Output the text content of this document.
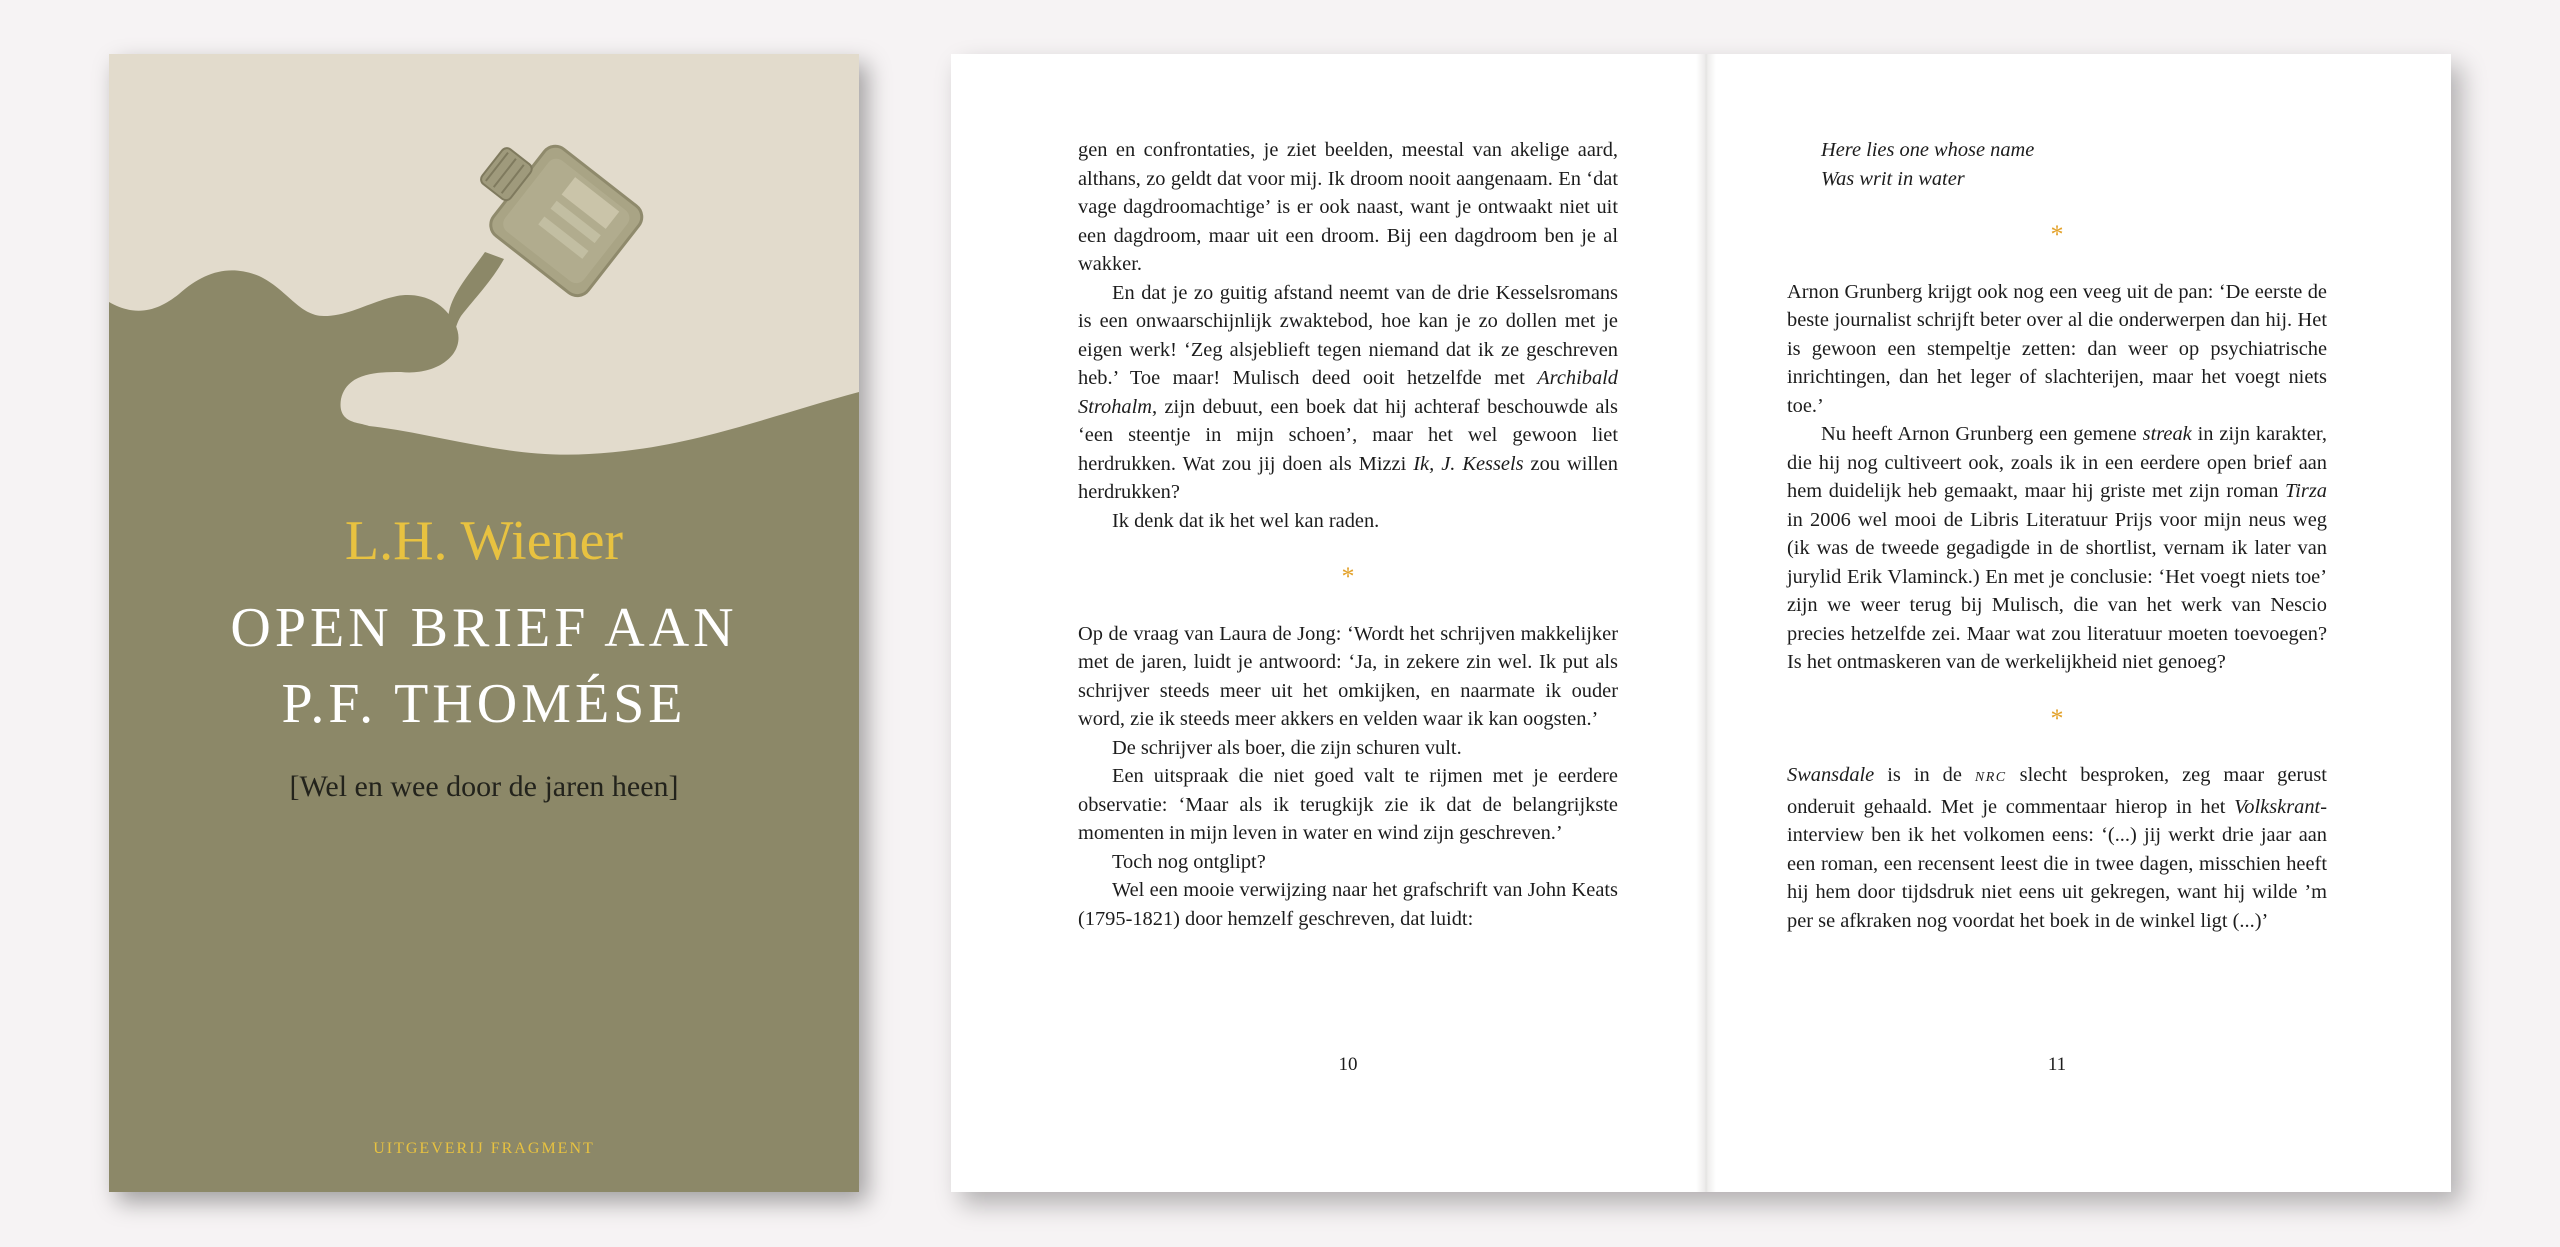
L.H. Wiener
OPEN BRIEF AAN
P.F. THOMÉSE
[Wel en wee door de jaren heen]
UITGEVERIJ FRAGMENT

gen en confrontaties, je ziet beelden, meestal van akelige aard, althans, zo geldt dat voor mij. Ik droom nooit aangenaam. En ‘dat vage dagdroomachtige’ is er ook naast, want je ontwaakt niet uit een dagdroom, maar uit een droom. Bij een dagdroom ben je al wakker.

En dat je zo guitig afstand neemt van de drie Kesselsromans is een onwaarschijnlijk zwaktebod, hoe kan je zo dollen met je eigen werk! ‘Zeg alsjeblieft tegen niemand dat ik ze geschreven heb.’ Toe maar! Mulisch deed ooit hetzelfde met Archibald Strohalm, zijn debuut, een boek dat hij achteraf beschouwde als ‘een steentje in mijn schoen’, maar het wel gewoon liet herdrukken. Wat zou jij doen als Mizzi Ik, J. Kessels zou willen herdrukken?

Ik denk dat ik het wel kan raden.

*

Op de vraag van Laura de Jong: ‘Wordt het schrijven makkelijker met de jaren, luidt je antwoord: ‘Ja, in zekere zin wel. Ik put als schrijver steeds meer uit het omkijken, en naarmate ik ouder word, zie ik steeds meer akkers en velden waar ik kan oogsten.’

De schrijver als boer, die zijn schuren vult.

Een uitspraak die niet goed valt te rijmen met je eerdere observatie: ‘Maar als ik terugkijk zie ik dat de belangrijkste momenten in mijn leven in water en wind zijn geschreven.’

Toch nog ontglipt?

Wel een mooie verwijzing naar het grafschrift van John Keats (1795-1821) door hemzelf geschreven, dat luidt:

Here lies one whose name
Was writ in water

*

Arnon Grunberg krijgt ook nog een veeg uit de pan: ‘De eerste de beste journalist schrijft beter over al die onderwerpen dan hij. Het is gewoon een stempeltje zetten: dan weer op psychiatrische inrichtingen, dan het leger of slachterijen, maar het voegt niets toe.’

Nu heeft Arnon Grunberg een gemene streak in zijn karakter, die hij nog cultiveert ook, zoals ik in een eerdere open brief aan hem duidelijk heb gemaakt, maar hij griste met zijn roman Tirza in 2006 wel mooi de Libris Literatuur Prijs voor mijn neus weg (ik was de tweede gegadigde in de shortlist, vernam ik later van jurylid Erik Vlaminck.) En met je conclusie: ‘Het voegt niets toe’ zijn we weer terug bij Mulisch, die van het werk van Nescio precies hetzelfde zei. Maar wat zou literatuur moeten toevoegen? Is het ontmaskeren van de werkelijkheid niet genoeg?

*

Swansdale is in de NRC slecht besproken, zeg maar gerust onderuit gehaald. Met je commentaar hierop in het Volkskrant-interview ben ik het volkomen eens: ‘(...) jij werkt drie jaar aan een roman, een recensent leest die in twee dagen, misschien heeft hij hem door tijdsdruk niet eens uit gekregen, want hij wilde ’m per se afkraken nog voordat het boek in de winkel ligt (...)’

10	11
